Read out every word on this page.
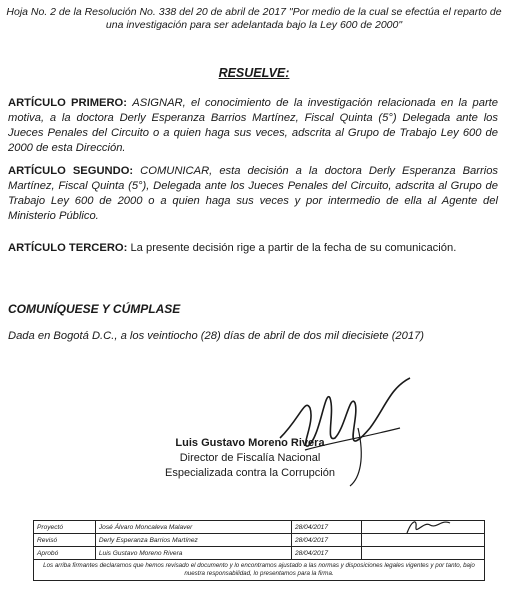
Hoja No. 2 de la Resolución No. 338 del 20 de abril de 2017 "Por medio de la cual se efectúa el reparto de una investigación para ser adelantada bajo la Ley 600 de 2000"
RESUELVE:
ARTÍCULO PRIMERO: ASIGNAR, el conocimiento de la investigación relacionada en la parte motiva, a la doctora Derly Esperanza Barrios Martínez, Fiscal Quinta (5°) Delegada ante los Jueces Penales del Circuito o a quien haga sus veces, adscrita al Grupo de Trabajo Ley 600 de 2000 de esta Dirección.
ARTÍCULO SEGUNDO: COMUNICAR, esta decisión a la doctora Derly Esperanza Barrios Martínez, Fiscal Quinta (5°), Delegada ante los Jueces Penales del Circuito, adscrita al Grupo de Trabajo Ley 600 de 2000 o a quien haga sus veces y por intermedio de ella al Agente del Ministerio Público.
ARTÍCULO TERCERO: La presente decisión rige a partir de la fecha de su comunicación.
COMUNÍQUESE Y CÚMPLASE
Dada en Bogotá D.C., a los veintiocho (28) días de abril de dos mil diecisiete (2017)
Luis Gustavo Moreno Rivera
Director de Fiscalía Nacional
Especializada contra la Corrupción
Proyectó	José Álvaro Moncaleva Malaver	28/04/2017	

Revisó	Derly Esperanza Barrios Martínez	28/04/2017	
Aprobó	Luis Gustavo Moreno Rivera	28/04/2017	
Los arriba firmantes declaramos que hemos revisado el documento y lo encontramos ajustado a las normas y disposiciones legales vigentes y por tanto, bajo nuestra responsabilidad, lo presentamos para la firma.			
